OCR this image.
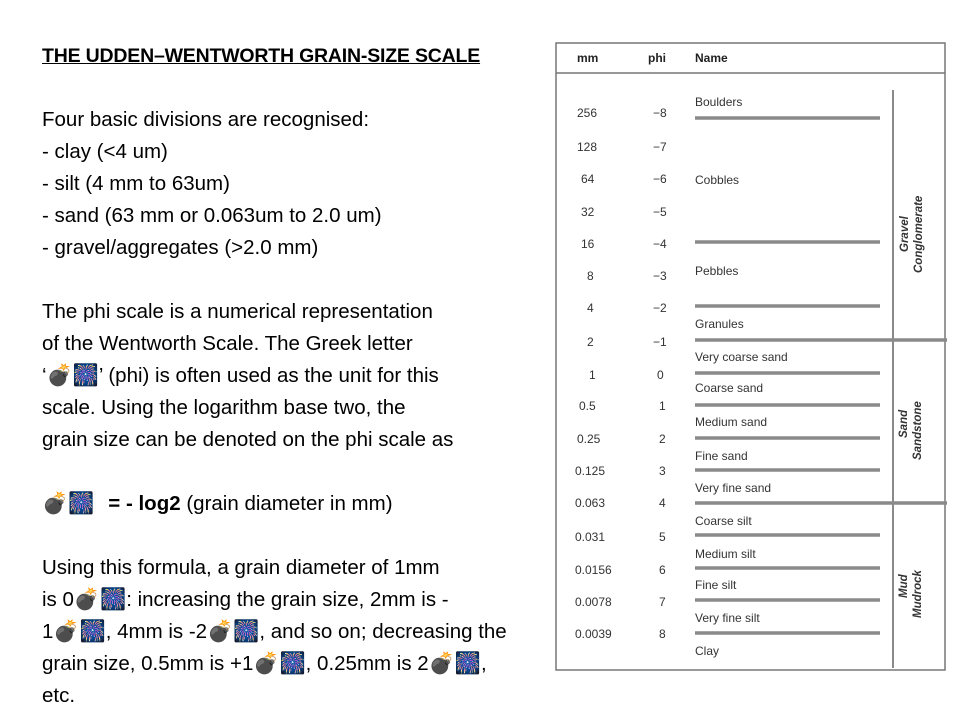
THE UDDEN–WENTWORTH GRAIN-SIZE SCALE
Four basic divisions are recognised:
- clay (<4 um)
- silt (4 mm to 63um)
- sand (63 mm or 0.063um to 2.0 um)
- gravel/aggregates (>2.0 mm)
The phi scale is a numerical representation
of the Wentworth Scale. The Greek letter
‘💣🎆’ (phi) is often used as the unit for this
scale. Using the logarithm base two, the
grain size can be denoted on the phi scale as
💣🎆 = - log2 (grain diameter in mm)
Using this formula, a grain diameter of 1mm
is 0💣🎆: increasing the grain size, 2mm is -
1💣🎆, 4mm is -2💣🎆, and so on; decreasing the
grain size, 0.5mm is +1💣🎆, 0.25mm is 2💣🎆,
etc.
mm	phi Name
256
128
64
32
16
8
4
2
1
0.5
0.25
0.125
0.063
0.031
0.0156
0.0078
0.0039
−8
−7
−6
−5
−4
−3
−2
−1
0
1
2
3
4
5
6
7
8
Boulders
Cobbles
Pebbles
Granules
Very coarse sand
Coarse sand
Medium sand
Fine sand
Very fine sand
Coarse silt
Medium silt
Fine silt
Very fine silt
Clay
Gravel Conglomerate
Sand Sandstone
Mud Mudrock
